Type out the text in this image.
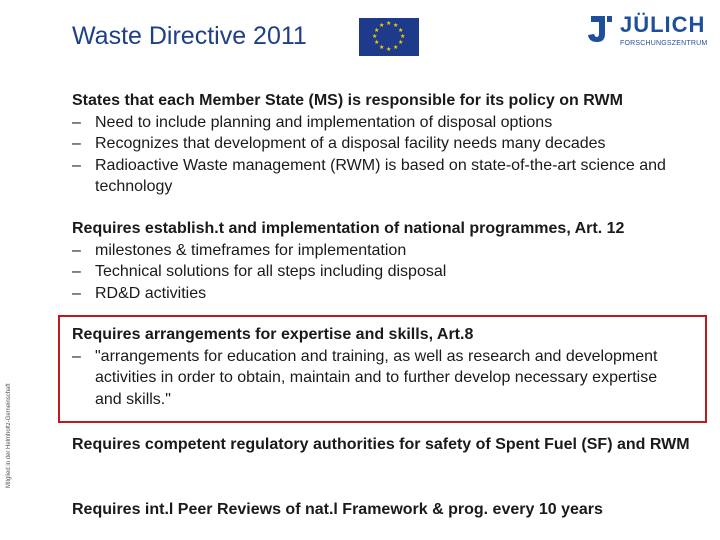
Waste Directive 2011	★ ★
★
★
★
★
★
★
★
★
★
★	JÜLICH
FORSCHUNGSZENTRUM
Mitglied in der Helmholtz-Gemeinschaft
States that each Member State (MS) is responsible for its policy on RWM
– Need to include planning and implementation of disposal options
– Recognizes that development of a disposal facility needs many decades
– Radioactive Waste management (RWM) is based on state-of-the-art science and technology
Requires establish.t and implementation of national programmes, Art. 12
– milestones & timeframes for implementation
– Technical solutions for all steps including disposal
– RD&D activities
Requires arrangements for expertise and skills, Art.8
– "arrangements for education and training, as well as research and development activities in order to obtain, maintain and to further develop necessary expertise and skills."
Requires competent regulatory authorities for safety of Spent Fuel (SF) and RWM
Requires int.l Peer Reviews of nat.l Framework & prog. every 10 years
